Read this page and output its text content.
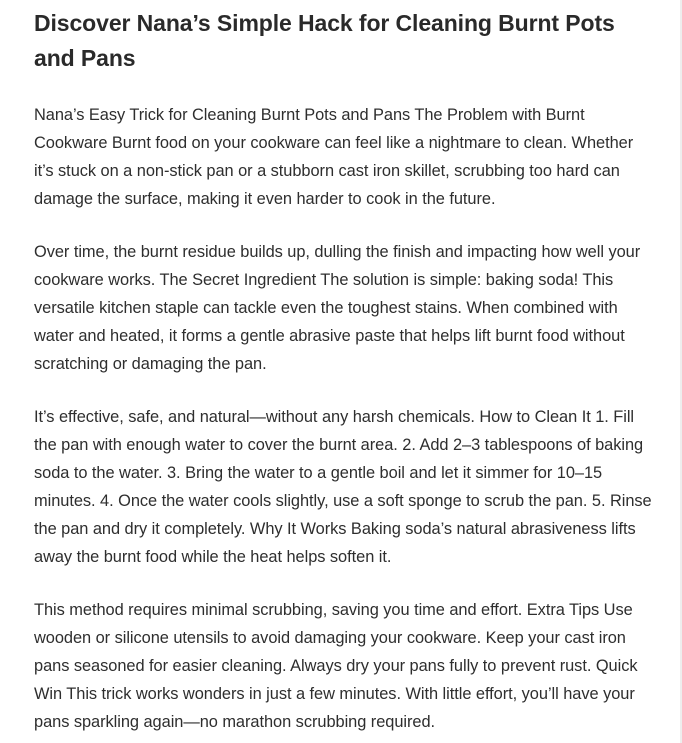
Discover Nana’s Simple Hack for Cleaning Burnt Pots and Pans

Nana’s Easy Trick for Cleaning Burnt Pots and Pans The Problem with Burnt Cookware Burnt food on your cookware can feel like a nightmare to clean. Whether it’s stuck on a non-stick pan or a stubborn cast iron skillet, scrubbing too hard can damage the surface, making it even harder to cook in the future.

Over time, the burnt residue builds up, dulling the finish and impacting how well your cookware works. The Secret Ingredient The solution is simple: baking soda! This versatile kitchen staple can tackle even the toughest stains. When combined with water and heated, it forms a gentle abrasive paste that helps lift burnt food without scratching or damaging the pan.

It’s effective, safe, and natural—without any harsh chemicals. How to Clean It 1. Fill the pan with enough water to cover the burnt area. 2. Add 2–3 tablespoons of baking soda to the water. 3. Bring the water to a gentle boil and let it simmer for 10–15 minutes. 4. Once the water cools slightly, use a soft sponge to scrub the pan. 5. Rinse the pan and dry it completely. Why It Works Baking soda’s natural abrasiveness lifts away the burnt food while the heat helps soften it.

This method requires minimal scrubbing, saving you time and effort. Extra Tips Use wooden or silicone utensils to avoid damaging your cookware. Keep your cast iron pans seasoned for easier cleaning. Always dry your pans fully to prevent rust. Quick Win This trick works wonders in just a few minutes. With little effort, you’ll have your pans sparkling again—no marathon scrubbing required.
